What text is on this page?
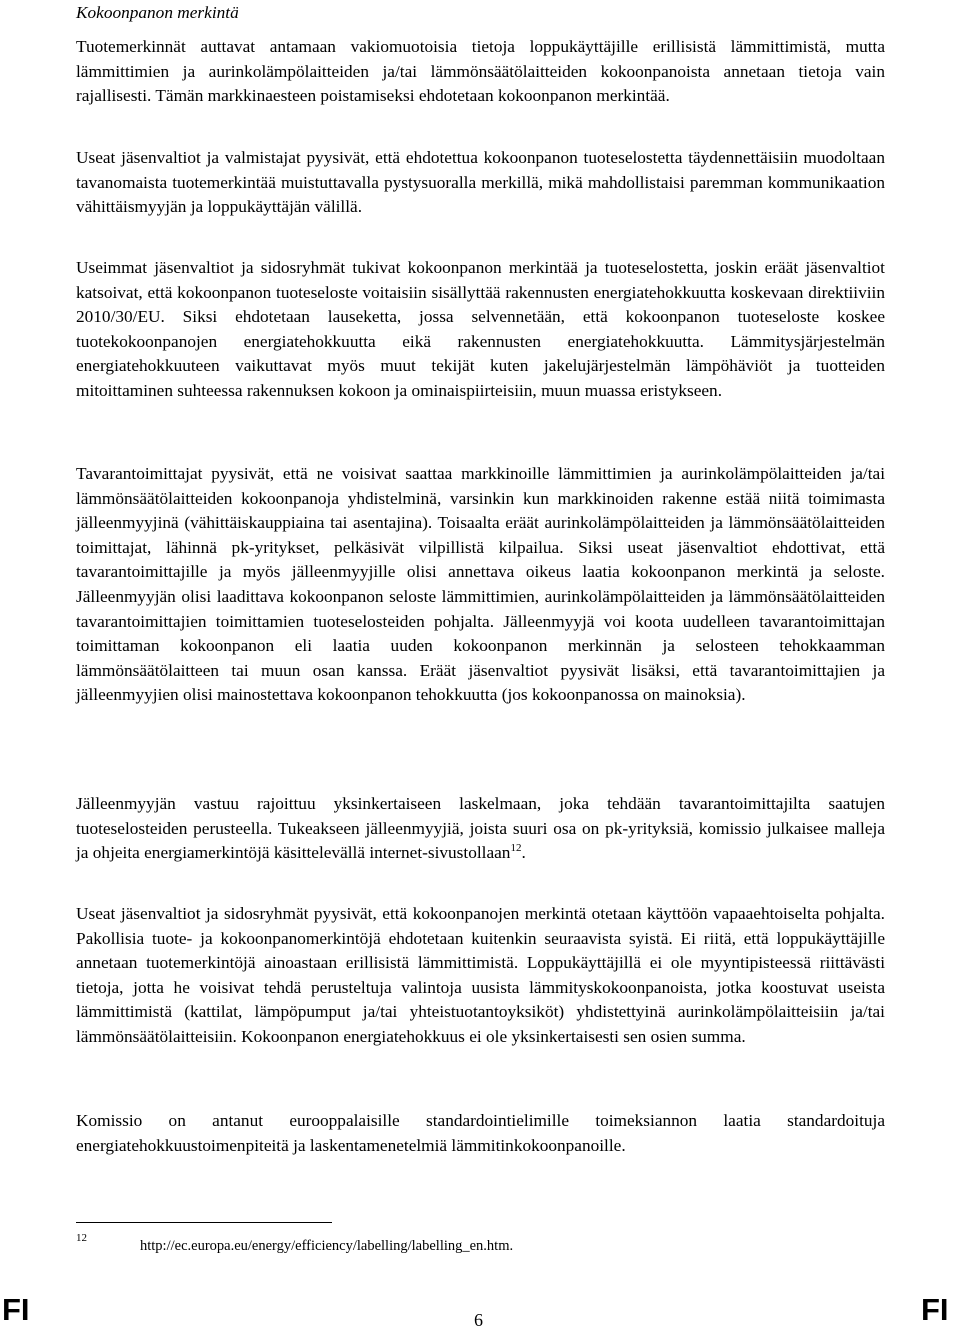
Kokoonpanon merkintä

Tuotemerkinnät auttavat antamaan vakiomuotoisia tietoja loppukäyttäjille erillisistä lämmittimistä, mutta lämmittimien ja aurinkolämpölaitteiden ja/tai lämmönsäätölaitteiden kokoonpanoista annetaan tietoja vain rajallisesti. Tämän markkinaesteen poistamiseksi ehdotetaan kokoonpanon merkintää.

Useat jäsenvaltiot ja valmistajat pyysivät, että ehdotettua kokoonpanon tuoteselostetta täydennettäisiin muodoltaan tavanomaista tuotemerkintää muistuttavalla pystysuoralla merkillä, mikä mahdollistaisi paremman kommunikaation vähittäismyyjän ja loppukäyttäjän välillä.

Useimmat jäsenvaltiot ja sidosryhmät tukivat kokoonpanon merkintää ja tuoteselostetta, joskin eräät jäsenvaltiot katsoivat, että kokoonpanon tuoteseloste voitaisiin sisällyttää rakennusten energiatehokkuutta koskevaan direktiiviin 2010/30/EU. Siksi ehdotetaan lauseketta, jossa selvennetään, että kokoonpanon tuoteseloste koskee tuotekokoonpanojen energiatehokkuutta eikä rakennusten energiatehokkuutta. Lämmitysjärjestelmän energiatehokkuuteen vaikuttavat myös muut tekijät kuten jakelujärjestelmän lämpöhäviöt ja tuotteiden mitoittaminen suhteessa rakennuksen kokoon ja ominaispiirteisiin, muun muassa eristykseen.

Tavarantoimittajat pyysivät, että ne voisivat saattaa markkinoille lämmittimien ja aurinkolämpölaitteiden ja/tai lämmönsäätölaitteiden kokoonpanoja yhdistelminä, varsinkin kun markkinoiden rakenne estää niitä toimimasta jälleenmyyjinä (vähittäiskauppiaina tai asentajina). Toisaalta eräät aurinkolämpölaitteiden ja lämmönsäätölaitteiden toimittajat, lähinnä pk-yritykset, pelkäsivät vilpillistä kilpailua. Siksi useat jäsenvaltiot ehdottivat, että tavarantoimittajille ja myös jälleenmyyjille olisi annettava oikeus laatia kokoonpanon merkintä ja seloste. Jälleenmyyjän olisi laadittava kokoonpanon seloste lämmittimien, aurinkolämpölaitteiden ja lämmönsäätölaitteiden tavarantoimittajien toimittamien tuoteselosteiden pohjalta. Jälleenmyyjä voi koota uudelleen tavarantoimittajan toimittaman kokoonpanon eli laatia uuden kokoonpanon merkinnän ja selosteen tehokkaamman lämmönsäätölaitteen tai muun osan kanssa. Eräät jäsenvaltiot pyysivät lisäksi, että tavarantoimittajien ja jälleenmyyjien olisi mainostettava kokoonpanon tehokkuutta (jos kokoonpanossa on mainoksia).

Jälleenmyyjän vastuu rajoittuu yksinkertaiseen laskelmaan, joka tehdään tavarantoimittajilta saatujen tuoteselosteiden perusteella. Tukeakseen jälleenmyyjiä, joista suuri osa on pk-yrityksiä, komissio julkaisee malleja ja ohjeita energiamerkintöjä käsittelevällä internet-sivustollaan$^{12}$.

Useat jäsenvaltiot ja sidosryhmät pyysivät, että kokoonpanojen merkintä otetaan käyttöön vapaaehtoiselta pohjalta. Pakollisia tuote- ja kokoonpanomerkintöjä ehdotetaan kuitenkin seuraavista syistä. Ei riitä, että loppukäyttäjille annetaan tuotemerkintöjä ainoastaan erillisistä lämmittimistä. Loppukäyttäjillä ei ole myyntipisteessä riittävästi tietoja, jotta he voisivat tehdä perusteltuja valintoja uusista lämmityskokoonpanoista, jotka koostuvat useista lämmittimistä (kattilat, lämpöpumput ja/tai yhteistuotantoyksiköt) yhdistettyinä aurinkolämpölaitteisiin ja/tai lämmönsäätölaitteisiin. Kokoonpanon energiatehokkuus ei ole yksinkertaisesti sen osien summa.

Komissio on antanut eurooppalaisille standardointielimille toimeksiannon laatia standardoituja energiatehokkuustoimenpiteitä ja laskentamenetelmiä lämmitinkokoonpanoille.

12	http://ec.europa.eu/energy/efficiency/labelling/labelling_en.htm.
FI	6	FI
